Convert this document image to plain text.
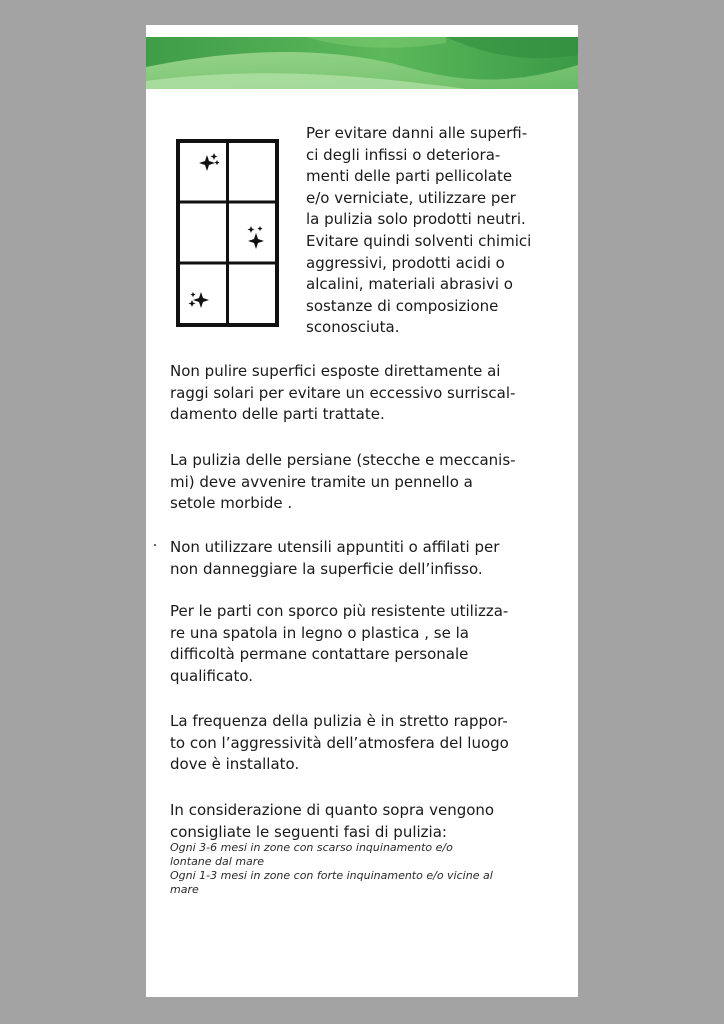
Per evitare danni alle superfi-
ci degli infissi o deteriora-
menti delle parti pellicolate
e/o verniciate, utilizzare per
la pulizia solo prodotti neutri.
Evitare quindi solventi chimici
aggressivi, prodotti acidi o
alcalini, materiali abrasivi o
sostanze di composizione
sconosciuta.

Non pulire superfici esposte direttamente ai
raggi solari per evitare un eccessivo surriscal-
damento delle parti trattate.

La pulizia delle persiane (stecche e meccanis-
mi) deve avvenire tramite un pennello a
setole morbide .

Non utilizzare utensili appuntiti o affilati per
non danneggiare la superficie dell’infisso.

Per le parti con sporco più resistente utilizza-
re una spatola in legno o plastica , se la
difficoltà permane contattare personale
qualificato.

La frequenza della pulizia è in stretto rappor-
to con l’aggressività dell’atmosfera del luogo
dove è installato.

In considerazione di quanto sopra vengono
consigliate le seguenti fasi di pulizia:

Ogni 3-6 mesi in zone con scarso inquinamento e/o
lontane dal mare
Ogni 1-3 mesi in zone con forte inquinamento e/o vicine al
mare
